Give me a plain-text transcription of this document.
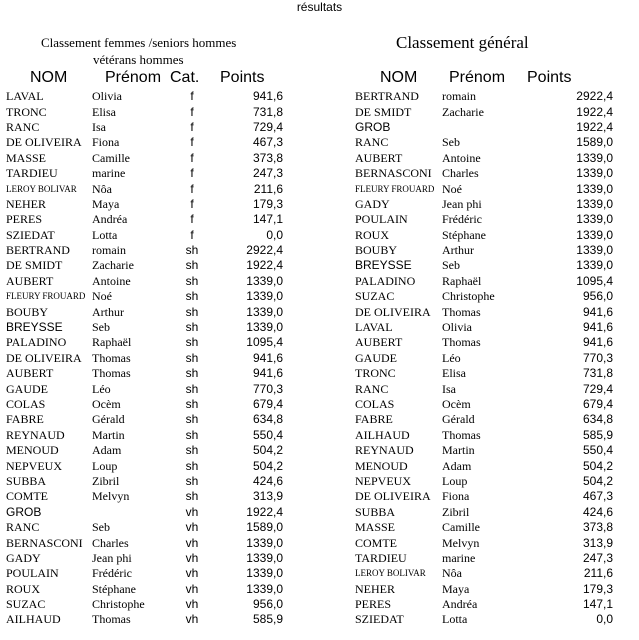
résultats
Classement femmes /seniors hommes
vétérans hommes
Classement général
NOM Prénom Cat. Points	NOM Prénom Points
LAVAL	Olivia	f	941,6
TRONC	Elisa	f	731,8
RANC	Isa	f	729,4
DE OLIVEIRA	Fiona	f	467,3
MASSE	Camille	f	373,8
TARDIEU	marine	f	247,3
LEROY BOLIVAR	Nôa	f	211,6
NEHER	Maya	f	179,3
PERES	Andréa	f	147,1
SZIEDAT	Lotta	f	0,0
BERTRAND	romain	sh	2922,4
DE SMIDT	Zacharie	sh	1922,4
AUBERT	Antoine	sh	1339,0
FLEURY FROUARD	Noé	sh	1339,0
BOUBY	Arthur	sh	1339,0
BREYSSE	Seb	sh	1339,0
PALADINO	Raphaël	sh	1095,4
DE OLIVEIRA	Thomas	sh	941,6
AUBERT	Thomas	sh	941,6
GAUDE	Léo	sh	770,3
COLAS	Ocèm	sh	679,4
FABRE	Gérald	sh	634,8
REYNAUD	Martin	sh	550,4
MENOUD	Adam	sh	504,2
NEPVEUX	Loup	sh	504,2
SUBBA	Zibril	sh	424,6
COMTE	Melvyn	sh	313,9
GROB		vh	1922,4
RANC	Seb	vh	1589,0
BERNASCONI	Charles	vh	1339,0
GADY	Jean phi	vh	1339,0
POULAIN	Frédéric	vh	1339,0
ROUX	Stéphane	vh	1339,0
SUZAC	Christophe	vh	956,0
AILHAUD	Thomas	vh	585,9
BERTRAND	romain	2922,4
DE SMIDT	Zacharie	1922,4
GROB		1922,4
RANC	Seb	1589,0
AUBERT	Antoine	1339,0
BERNASCONI	Charles	1339,0
FLEURY FROUARD	Noé	1339,0
GADY	Jean phi	1339,0
POULAIN	Frédéric	1339,0
ROUX	Stéphane	1339,0
BOUBY	Arthur	1339,0
BREYSSE	Seb	1339,0
PALADINO	Raphaël	1095,4
SUZAC	Christophe	956,0
DE OLIVEIRA	Thomas	941,6
LAVAL	Olivia	941,6
AUBERT	Thomas	941,6
GAUDE	Léo	770,3
TRONC	Elisa	731,8
RANC	Isa	729,4
COLAS	Ocèm	679,4
FABRE	Gérald	634,8
AILHAUD	Thomas	585,9
REYNAUD	Martin	550,4
MENOUD	Adam	504,2
NEPVEUX	Loup	504,2
DE OLIVEIRA	Fiona	467,3
SUBBA	Zibril	424,6
MASSE	Camille	373,8
COMTE	Melvyn	313,9
TARDIEU	marine	247,3
LEROY BOLIVAR	Nôa	211,6
NEHER	Maya	179,3
PERES	Andréa	147,1
SZIEDAT	Lotta	0,0
